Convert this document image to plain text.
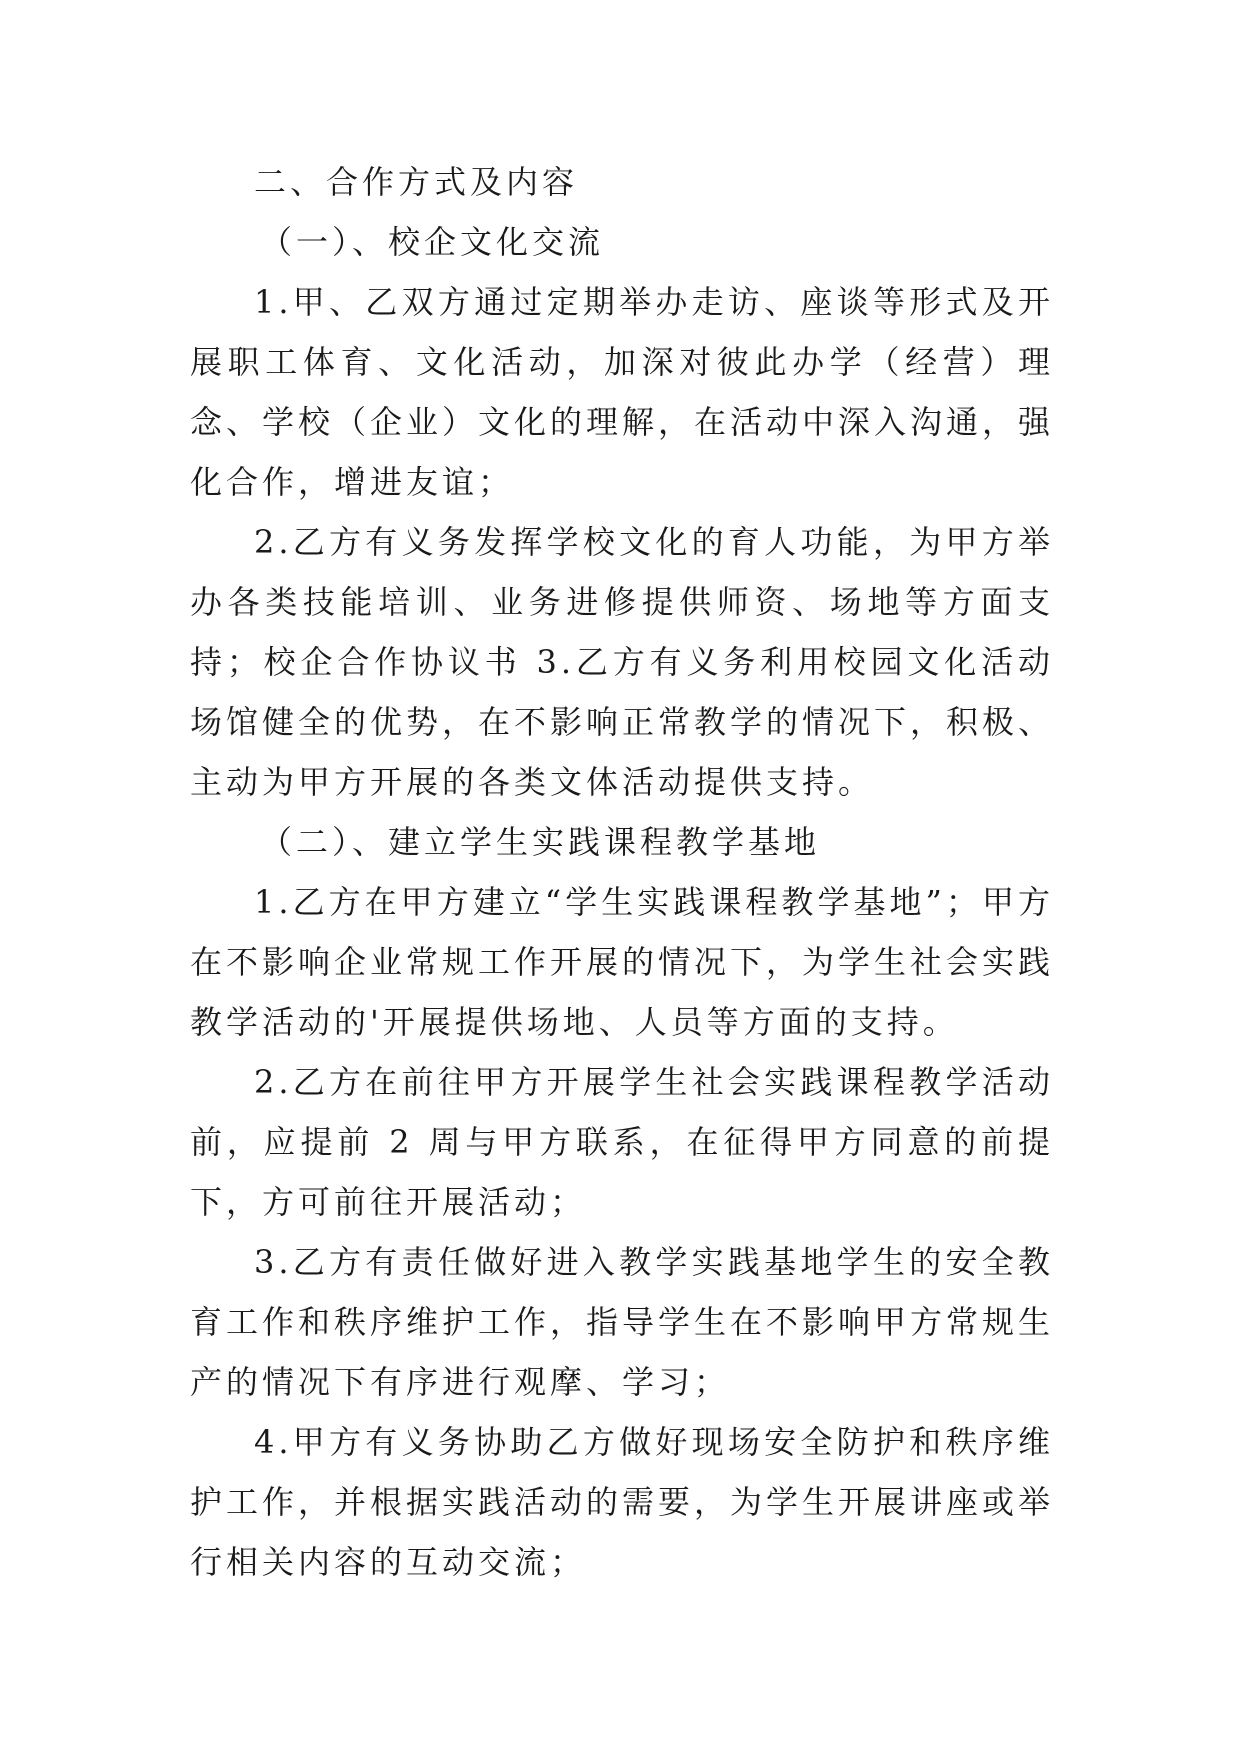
二、合作方式及内容

（一）、校企文化交流

1.甲、乙双方通过定期举办走访、座谈等形式及开展职工体育、文化活动，加深对彼此办学（经营）理念、学校（企业）文化的理解，在活动中深入沟通，强化合作，增进友谊；

2.乙方有义务发挥学校文化的育人功能，为甲方举办各类技能培训、业务进修提供师资、场地等方面支持；校企合作协议书 3.乙方有义务利用校园文化活动场馆健全的优势，在不影响正常教学的情况下，积极、主动为甲方开展的各类文体活动提供支持。

（二）、建立学生实践课程教学基地

1.乙方在甲方建立“学生实践课程教学基地”；甲方在不影响企业常规工作开展的情况下，为学生社会实践教学活动的'开展提供场地、人员等方面的支持。

2.乙方在前往甲方开展学生社会实践课程教学活动前，应提前 2 周与甲方联系，在征得甲方同意的前提下，方可前往开展活动；

3.乙方有责任做好进入教学实践基地学生的安全教育工作和秩序维护工作，指导学生在不影响甲方常规生产的情况下有序进行观摩、学习；

4.甲方有义务协助乙方做好现场安全防护和秩序维护工作，并根据实践活动的需要，为学生开展讲座或举行相关内容的互动交流；
